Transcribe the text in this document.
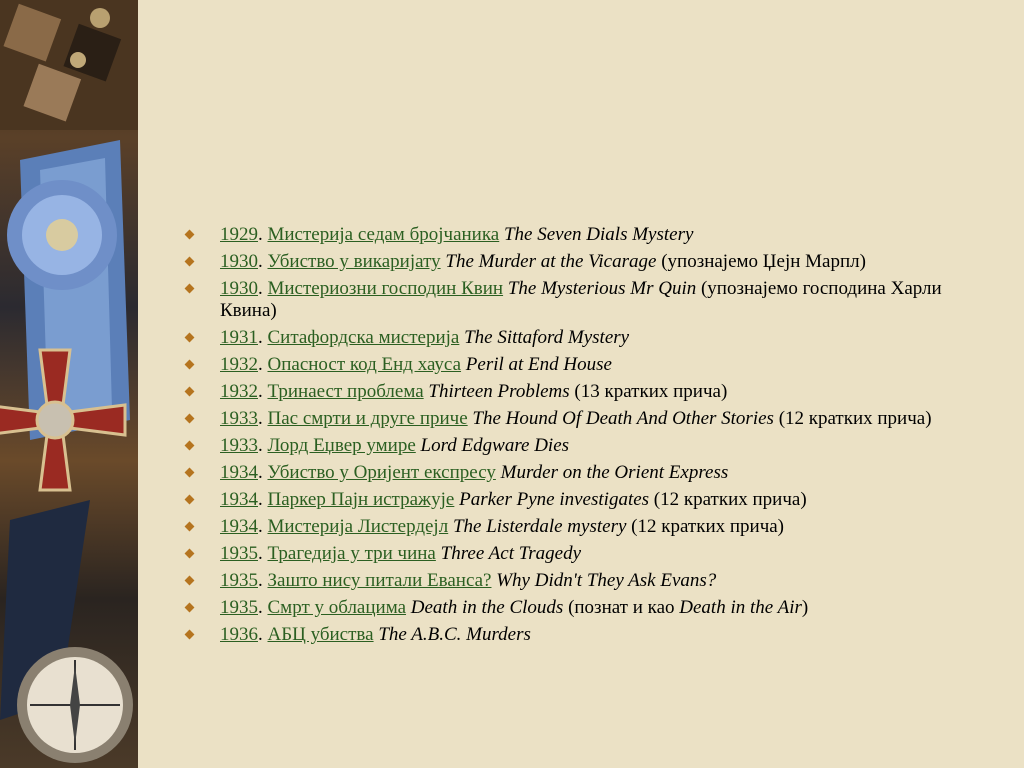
1929. Мистерија седам бројчаника The Seven Dials Mystery
1930. Убиство у викаријату The Murder at the Vicarage (упознајемо Џејн Марпл)
1930. Мистериозни господин Квин The Mysterious Mr Quin (упознајемо господина Харли Квина)
1931. Ситафордска мистерија The Sittaford Mystery
1932. Опасност код Енд хауса Peril at End House
1932. Тринаест проблема Thirteen Problems (13 кратких прича)
1933. Пас смрти и друге приче The Hound Of Death And Other Stories (12 кратких прича)
1933. Лорд Еџвер умире Lord Edgware Dies
1934. Убиство у Оријент експресу Murder on the Orient Express
1934. Паркер Пајн истражује Parker Pyne investigates (12 кратких прича)
1934. Мистерија Листердејл The Listerdale mystery (12 кратких прича)
1935. Трагедија у три чина Three Act Tragedy
1935. Зашто нису питали Еванса? Why Didn't They Ask Evans?
1935. Смрт у облацима Death in the Clouds (познат и као Death in the Air)
1936. АБЦ убиства The A.B.C. Murders
